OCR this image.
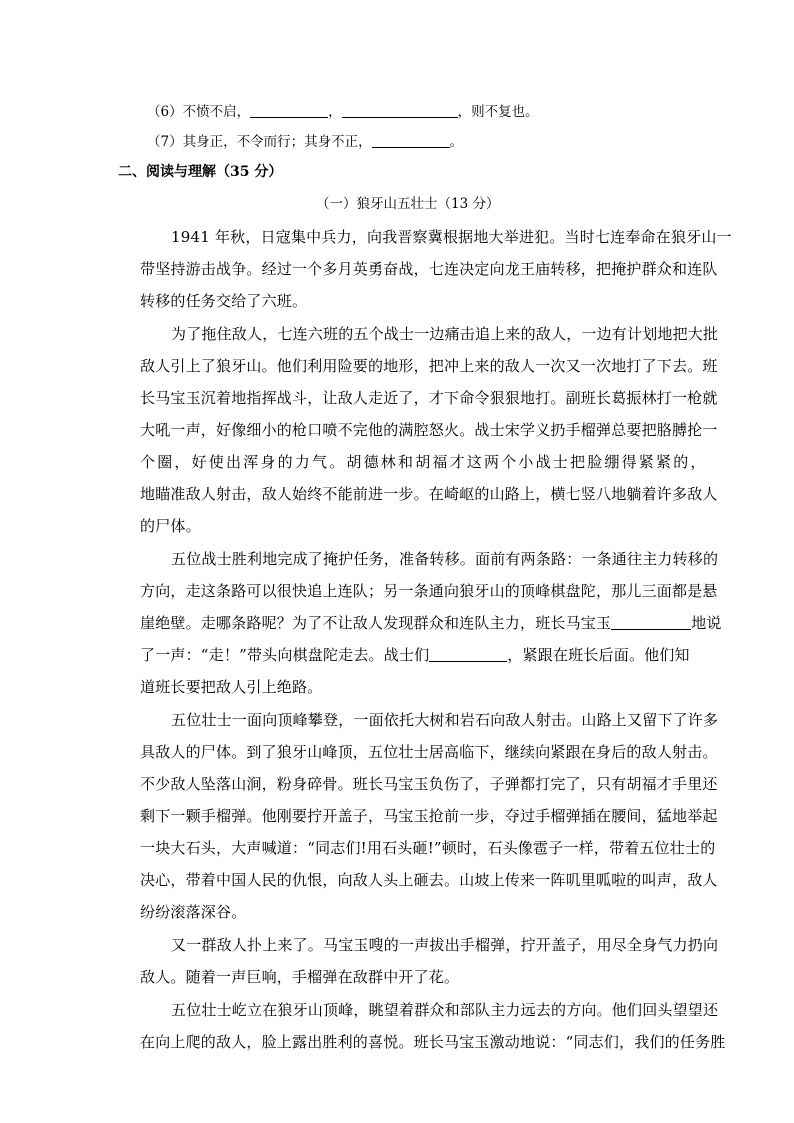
（6）不愤不启，	，	，则不复也。
（7）其身正，不令而行；其身不正，	。
二、阅读与理解（35 分）
（一）狼牙山五壮士（13 分）
1941 年秋，日寇集中兵力，向我晋察冀根据地大举进犯。当时七连奉命在狼牙山一
带坚持游击战争。经过一个多月英勇奋战，七连决定向龙王庙转移，把掩护群众和连队
转移的任务交给了六班。
为了拖住敌人，七连六班的五个战士一边痛击追上来的敌人，一边有计划地把大批
敌人引上了狼牙山。他们利用险要的地形，把冲上来的敌人一次又一次地打了下去。班
长马宝玉沉着地指挥战斗，让敌人走近了，才下命令狠狠地打。副班长葛振林打一枪就
大吼一声，好像细小的枪口喷不完他的满腔怒火。战士宋学义扔手榴弹总要把胳膊抡一
个圈，好使出浑身的力气。胡德林和胡福才这两个小战士把脸绷得紧紧的，
地瞄准敌人射击，敌人始终不能前进一步。在崎岖的山路上，横七竖八地躺着许多敌人
的尸体。
五位战士胜利地完成了掩护任务，准备转移。面前有两条路：一条通往主力转移的
方向，走这条路可以很快追上连队；另一条通向狼牙山的顶峰棋盘陀，那儿三面都是悬
崖绝壁。走哪条路呢？为了不让敌人发现群众和连队主力，班长马宝玉	地说
了一声：“走！”带头向棋盘陀走去。战士们	，紧跟在班长后面。他们知
道班长要把敌人引上绝路。
五位壮士一面向顶峰攀登，一面依托大树和岩石向敌人射击。山路上又留下了许多
具敌人的尸体。到了狼牙山峰顶，五位壮士居高临下，继续向紧跟在身后的敌人射击。
不少敌人坠落山涧，粉身碎骨。班长马宝玉负伤了，子弹都打完了，只有胡福才手里还
剩下一颗手榴弹。他刚要拧开盖子，马宝玉抢前一步，夺过手榴弹插在腰间，猛地举起
一块大石头，大声喊道：“同志们!用石头砸!”顿时，石头像雹子一样，带着五位壮士的
决心，带着中国人民的仇恨，向敌人头上砸去。山坡上传来一阵叽里呱啦的叫声，敌人
纷纷滚落深谷。
又一群敌人扑上来了。马宝玉嗖的一声拔出手榴弹，拧开盖子，用尽全身气力扔向
敌人。随着一声巨响，手榴弹在敌群中开了花。
五位壮士屹立在狼牙山顶峰，眺望着群众和部队主力远去的方向。他们回头望望还
在向上爬的敌人，脸上露出胜利的喜悦。班长马宝玉激动地说：“同志们，我们的任务胜
